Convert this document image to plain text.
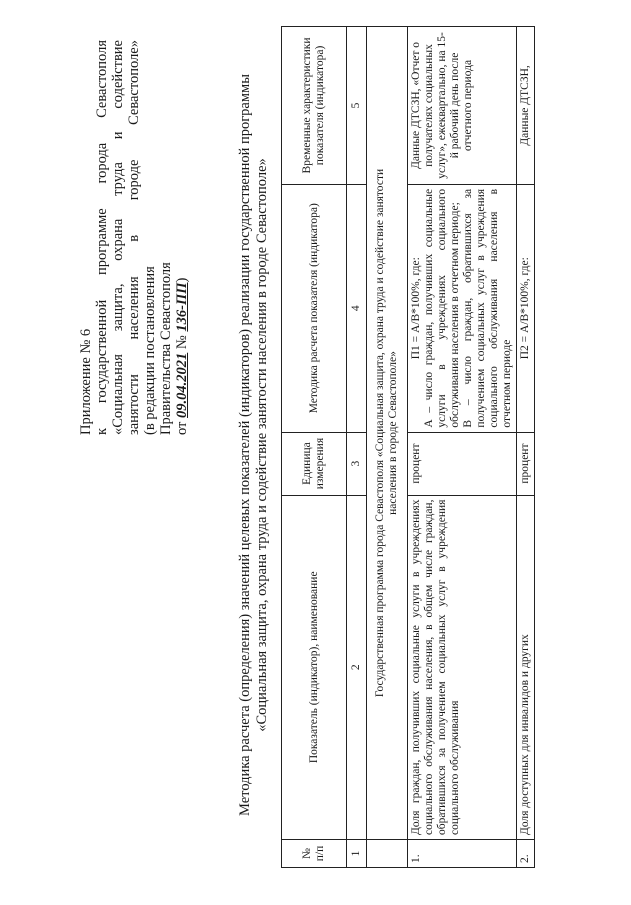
Приложение № 6 к государственной программе города Севастополя «Социальная защита, охрана труда и содействие занятости населения в городе Севастополе» (в редакции постановления Правительства Севастополя от 09.04.2021 № 136-ПП)	Методика расчета (определения) значений целевых показателей (индикаторов) реализации государственной программы «Социальная защита, охрана труда и содействие занятости населения в городе Севастополе»
№ п/п	Показатель (индикатор), наименование	Единица измерения	Методика расчета показателя (индикатора)	Временные характеристики показателя (индикатора)
1	2	3	4	5
	Государственная программа города Севастополя «Социальная защита, охрана труда и содействие занятости населения в городе Севастополе»			
1.	Доля граждан, получивших социальные услуги в учреждениях социального обслуживания населения, в общем числе граждан, обратившихся за получением социальных услуг в учреждения социального обслуживания	процент	П1 = А/В*100%, где: А – число граждан, получивших социальные услуги в учреждениях социального обслуживания населения в отчетном периоде; В – число граждан, обратившихся за получением социальных услуг в учреждения социального обслуживания населения в отчетном периоде	Данные ДТСЗН, «Отчет о получателях социальных услуг», ежеквартально, на 15-й рабочий день после отчетного периода
2.	Доля доступных для инвалидов и других	процент	П2 = А/В*100%, где:	Данные ДТСЗН,
